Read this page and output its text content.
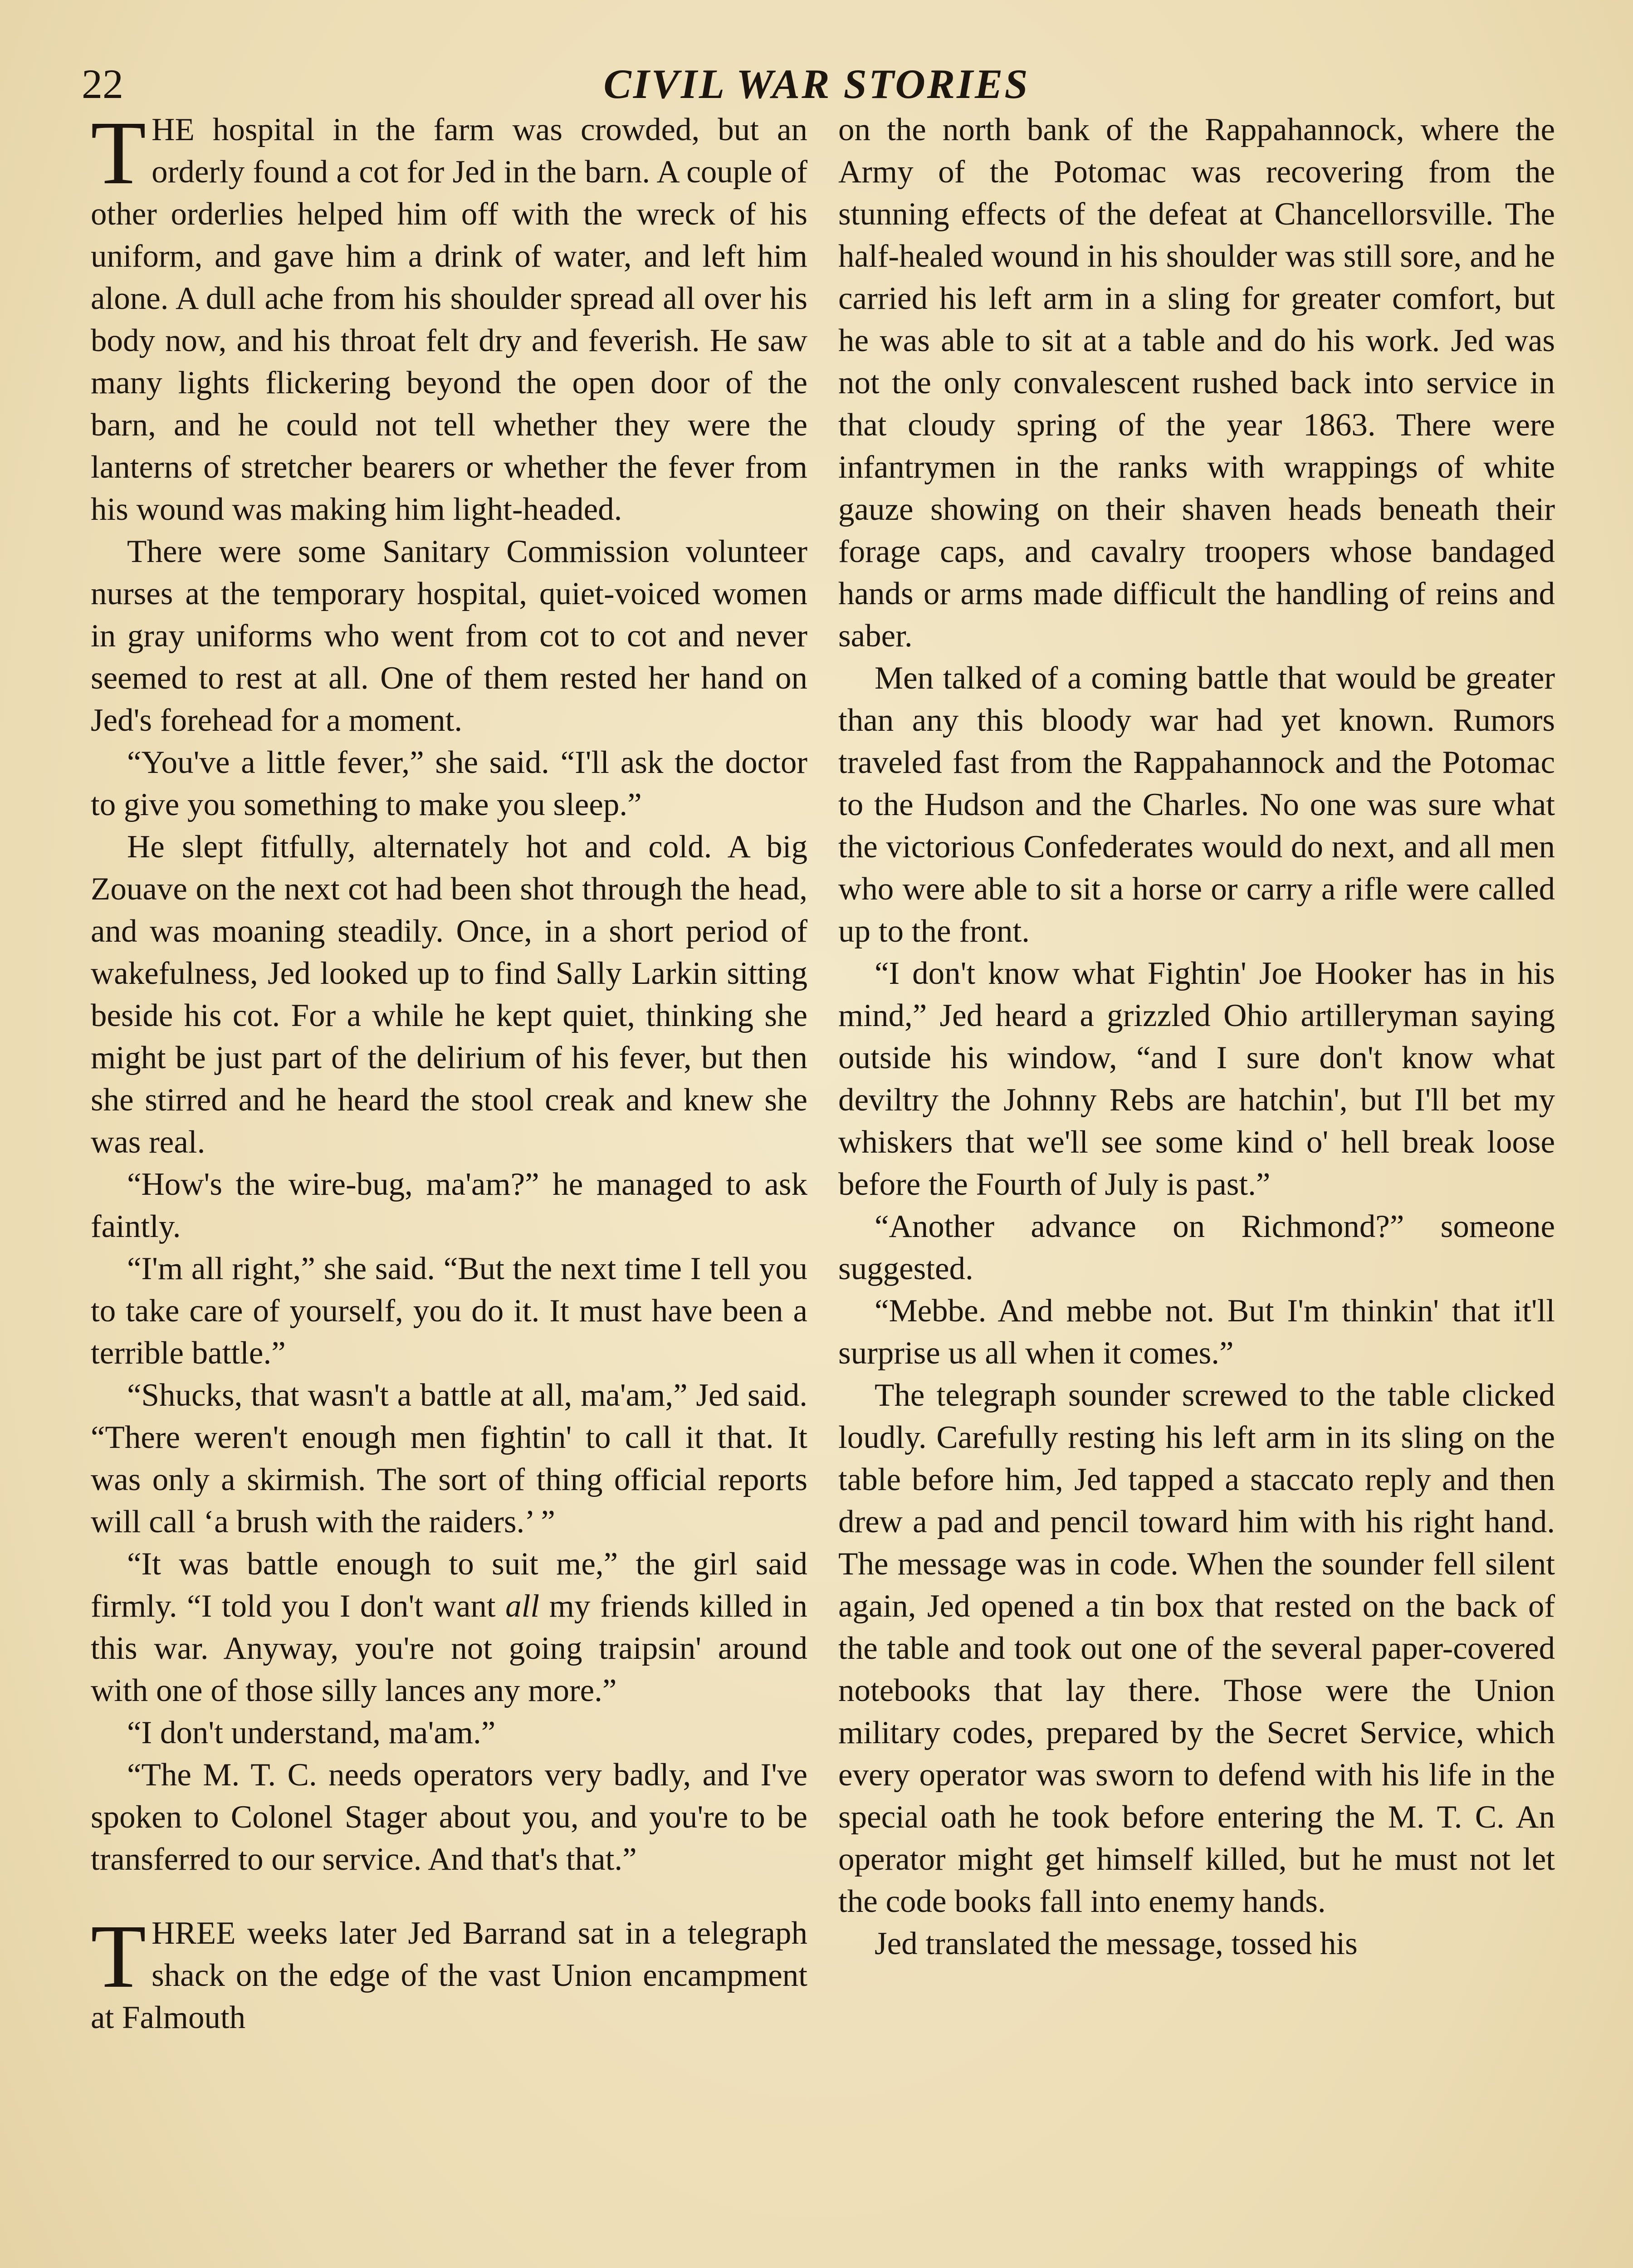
22	CIVIL WAR STORIES

THE hospital in the farm was crowded, but an orderly found a cot for Jed in the barn. A couple of other orderlies helped him off with the wreck of his uniform, and gave him a drink of water, and left him alone. A dull ache from his shoulder spread all over his body now, and his throat felt dry and feverish. He saw many lights flickering beyond the open door of the barn, and he could not tell whether they were the lanterns of stretcher bearers or whether the fever from his wound was making him light-headed.

There were some Sanitary Commission volunteer nurses at the temporary hospital, quiet-voiced women in gray uniforms who went from cot to cot and never seemed to rest at all. One of them rested her hand on Jed's forehead for a moment.

“You've a little fever,” she said. “I'll ask the doctor to give you something to make you sleep.”

He slept fitfully, alternately hot and cold. A big Zouave on the next cot had been shot through the head, and was moaning steadily. Once, in a short period of wakefulness, Jed looked up to find Sally Larkin sitting beside his cot. For a while he kept quiet, thinking she might be just part of the delirium of his fever, but then she stirred and he heard the stool creak and knew she was real.

“How's the wire-bug, ma'am?” he managed to ask faintly.

“I'm all right,” she said. “But the next time I tell you to take care of yourself, you do it. It must have been a terrible battle.”

“Shucks, that wasn't a battle at all, ma'am,” Jed said. “There weren't enough men fightin' to call it that. It was only a skirmish. The sort of thing official reports will call ‘a brush with the raiders.’ ”

“It was battle enough to suit me,” the girl said firmly. “I told you I don't want all my friends killed in this war. Anyway, you're not going traipsin' around with one of those silly lances any more.”

“I don't understand, ma'am.”

“The M. T. C. needs operators very badly, and I've spoken to Colonel Stager about you, and you're to be transferred to our service. And that's that.”

THREE weeks later Jed Barrand sat in a telegraph shack on the edge of the vast Union encampment at Falmouth

on the north bank of the Rappahannock, where the Army of the Potomac was recovering from the stunning effects of the defeat at Chancellorsville. The half-healed wound in his shoulder was still sore, and he carried his left arm in a sling for greater comfort, but he was able to sit at a table and do his work. Jed was not the only convalescent rushed back into service in that cloudy spring of the year 1863. There were infantrymen in the ranks with wrappings of white gauze showing on their shaven heads beneath their forage caps, and cavalry troopers whose bandaged hands or arms made difficult the handling of reins and saber.

Men talked of a coming battle that would be greater than any this bloody war had yet known. Rumors traveled fast from the Rappahannock and the Potomac to the Hudson and the Charles. No one was sure what the victorious Confederates would do next, and all men who were able to sit a horse or carry a rifle were called up to the front.

“I don't know what Fightin' Joe Hooker has in his mind,” Jed heard a grizzled Ohio artilleryman saying outside his window, “and I sure don't know what deviltry the Johnny Rebs are hatchin', but I'll bet my whiskers that we'll see some kind o' hell break loose before the Fourth of July is past.”

“Another advance on Richmond?” someone suggested.

“Mebbe. And mebbe not. But I'm thinkin' that it'll surprise us all when it comes.”

The telegraph sounder screwed to the table clicked loudly. Carefully resting his left arm in its sling on the table before him, Jed tapped a staccato reply and then drew a pad and pencil toward him with his right hand. The message was in code. When the sounder fell silent again, Jed opened a tin box that rested on the back of the table and took out one of the several paper-covered notebooks that lay there. Those were the Union military codes, prepared by the Secret Service, which every operator was sworn to defend with his life in the special oath he took before entering the M. T. C. An operator might get himself killed, but he must not let the code books fall into enemy hands.

Jed translated the message, tossed his
